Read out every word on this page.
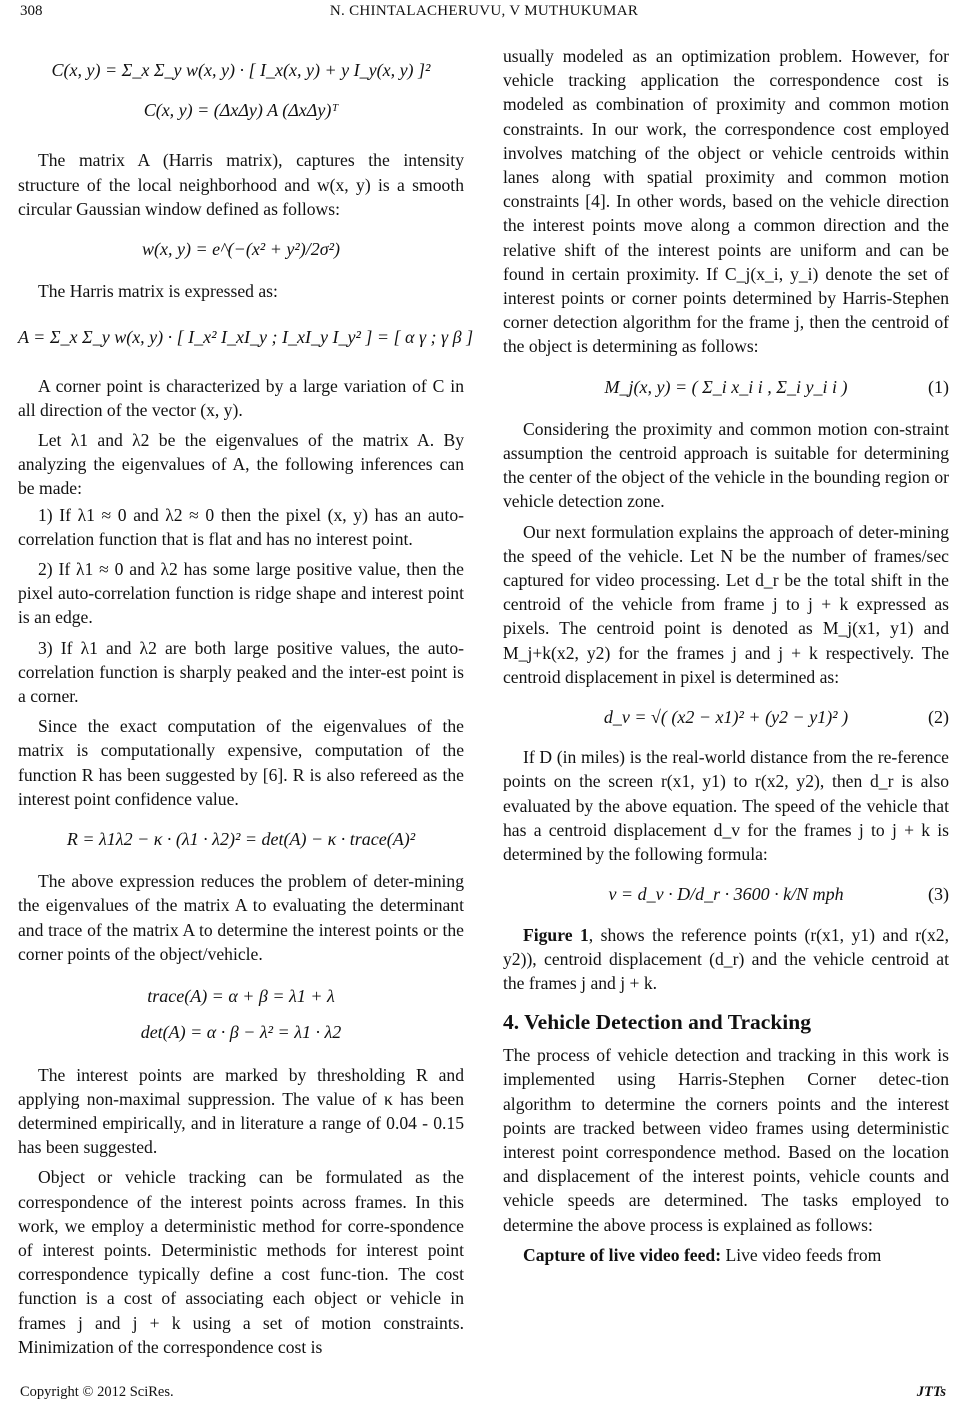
308	N. CHINTALACHERUVU, V MUTHUKUMAR
C(x, y) = Σ_x Σ_y w(x, y) · [ I_x(x, y) + y I_y(x, y) ]²
C(x, y) = (ΔxΔy) A (ΔxΔy)ᵀ

The matrix A (Harris matrix), captures the intensity structure of the local neighborhood and w(x, y) is a smooth circular Gaussian window defined as follows:

w(x, y) = e^(−(x² + y²)/2σ²)

The Harris matrix is expressed as:

A = Σ_x Σ_y w(x, y) · [ I_x² I_xI_y ; I_xI_y I_y² ] = [ α γ ; γ β ]

A corner point is characterized by a large variation of C in all direction of the vector (x, y).

Let λ1 and λ2 be the eigenvalues of the matrix A. By analyzing the eigenvalues of A, the following inferences can be made:

1) If λ1 ≈ 0 and λ2 ≈ 0 then the pixel (x, y) has an auto-correlation function that is flat and has no interest point.

2) If λ1 ≈ 0 and λ2 has some large positive value, then the pixel auto-correlation function is ridge shape and interest point is an edge.

3) If λ1 and λ2 are both large positive values, the auto-correlation function is sharply peaked and the inter-est point is a corner.

Since the exact computation of the eigenvalues of the matrix is computationally expensive, computation of the function R has been suggested by [6]. R is also refereed as the interest point confidence value.

R = λ1λ2 − κ · (λ1 · λ2)² = det(A) − κ · trace(A)²

The above expression reduces the problem of deter-mining the eigenvalues of the matrix A to evaluating the determinant and trace of the matrix A to determine the interest points or the corner points of the object/vehicle.

trace(A) = α + β = λ1 + λ
det(A) = α · β − λ² = λ1 · λ2

The interest points are marked by thresholding R and applying non-maximal suppression. The value of κ has been determined empirically, and in literature a range of 0.04 - 0.15 has been suggested.

Object or vehicle tracking can be formulated as the correspondence of the interest points across frames. In this work, we employ a deterministic method for corre-spondence of interest points. Deterministic methods for interest point correspondence typically define a cost func-tion. The cost function is a cost of associating each object or vehicle in frames j and j + k using a set of motion constraints. Minimization of the correspondence cost is

usually modeled as an optimization problem. However, for vehicle tracking application the correspondence cost is modeled as combination of proximity and common motion constraints. In our work, the correspondence cost employed involves matching of the object or vehicle centroids within lanes along with spatial proximity and common motion constraints [4]. In other words, based on the vehicle direction the interest points move along a common direction and the relative shift of the interest points are uniform and can be found in certain proximity. If C_j(x_i, y_i) denote the set of interest points or corner points determined by Harris-Stephen corner detection algorithm for the frame j, then the centroid of the object is determining as follows:

M_j(x, y) = ( Σ_i x_i i , Σ_i y_i i )	(1)

Considering the proximity and common motion con-straint assumption the centroid approach is suitable for determining the center of the object of the vehicle in the bounding region or vehicle detection zone.

Our next formulation explains the approach of deter-mining the speed of the vehicle. Let N be the number of frames/sec captured for video processing. Let d_r be the total shift in the centroid of the vehicle from frame j to j + k expressed as pixels. The centroid point is denoted as M_j(x1, y1) and M_j+k(x2, y2) for the frames j and j + k respectively. The centroid displacement in pixel is determined as:

d_v = √( (x2 − x1)² + (y2 − y1)² )	(2)

If D (in miles) is the real-world distance from the re-ference points on the screen r(x1, y1) to r(x2, y2), then d_r is also evaluated by the above equation. The speed of the vehicle that has a centroid displacement d_v for the frames j to j + k is determined by the following formula:

v = d_v · D/d_r · 3600 · k/N mph	(3)

Figure 1, shows the reference points (r(x1, y1) and r(x2, y2)), centroid displacement (d_r) and the vehicle centroid at the frames j and j + k.

4. Vehicle Detection and Tracking

The process of vehicle detection and tracking in this work is implemented using Harris-Stephen Corner detec-tion algorithm to determine the corners points and the interest points are tracked between video frames using deterministic interest point correspondence method. Based on the location and displacement of the interest points, vehicle counts and vehicle speeds are determined. The tasks employed to determine the above process is explained as follows:

Capture of live video feed: Live video feeds from

Copyright © 2012 SciRes.	JTTs
